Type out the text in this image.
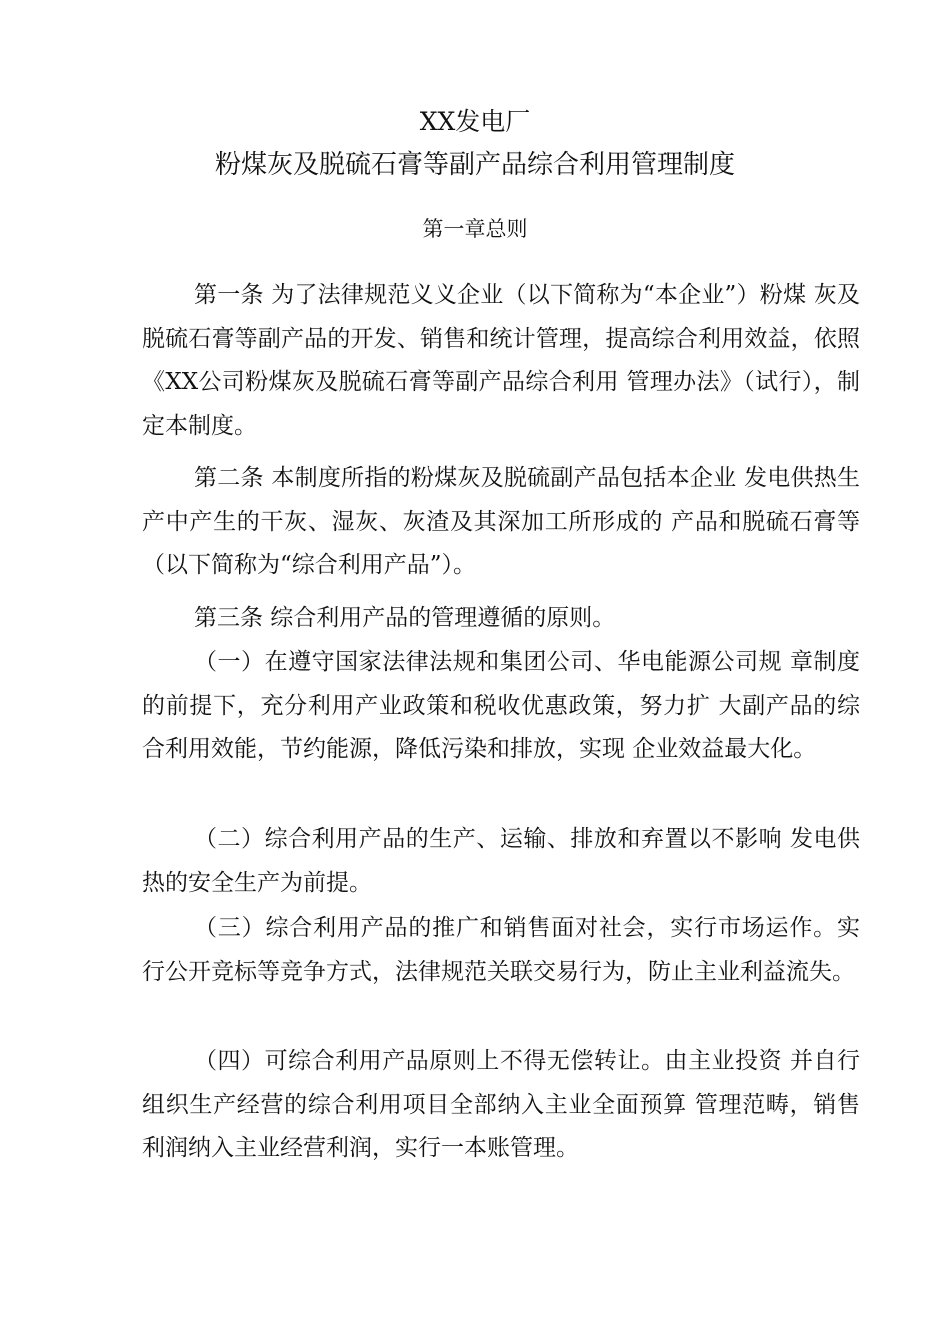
XX发电厂
粉煤灰及脱硫石膏等副产品综合利用管理制度
第一章总则

第一条 为了法律规范义义企业（以下简称为“本企业”）粉煤 灰及脱硫石膏等副产品的开发、销售和统计管理，提高综合利用效益，依照《XX公司粉煤灰及脱硫石膏等副产品综合利用 管理办法》（试行），制定本制度。

第二条 本制度所指的粉煤灰及脱硫副产品包括本企业 发电供热生产中产生的干灰、湿灰、灰渣及其深加工所形成的 产品和脱硫石膏等（以下简称为“综合利用产品”）。

第三条 综合利用产品的管理遵循的原则。

（一）在遵守国家法律法规和集团公司、华电能源公司规 章制度的前提下，充分利用产业政策和税收优惠政策，努力扩 大副产品的综合利用效能，节约能源，降低污染和排放，实现 企业效益最大化。

（二）综合利用产品的生产、运输、排放和弃置以不影响 发电供热的安全生产为前提。

（三）综合利用产品的推广和销售面对社会，实行市场运作。实行公开竞标等竞争方式，法律规范关联交易行为，防止主业利益流失。

（四）可综合利用产品原则上不得无偿转让。由主业投资 并自行组织生产经营的综合利用项目全部纳入主业全面预算 管理范畴，销售利润纳入主业经营利润，实行一本账管理。
